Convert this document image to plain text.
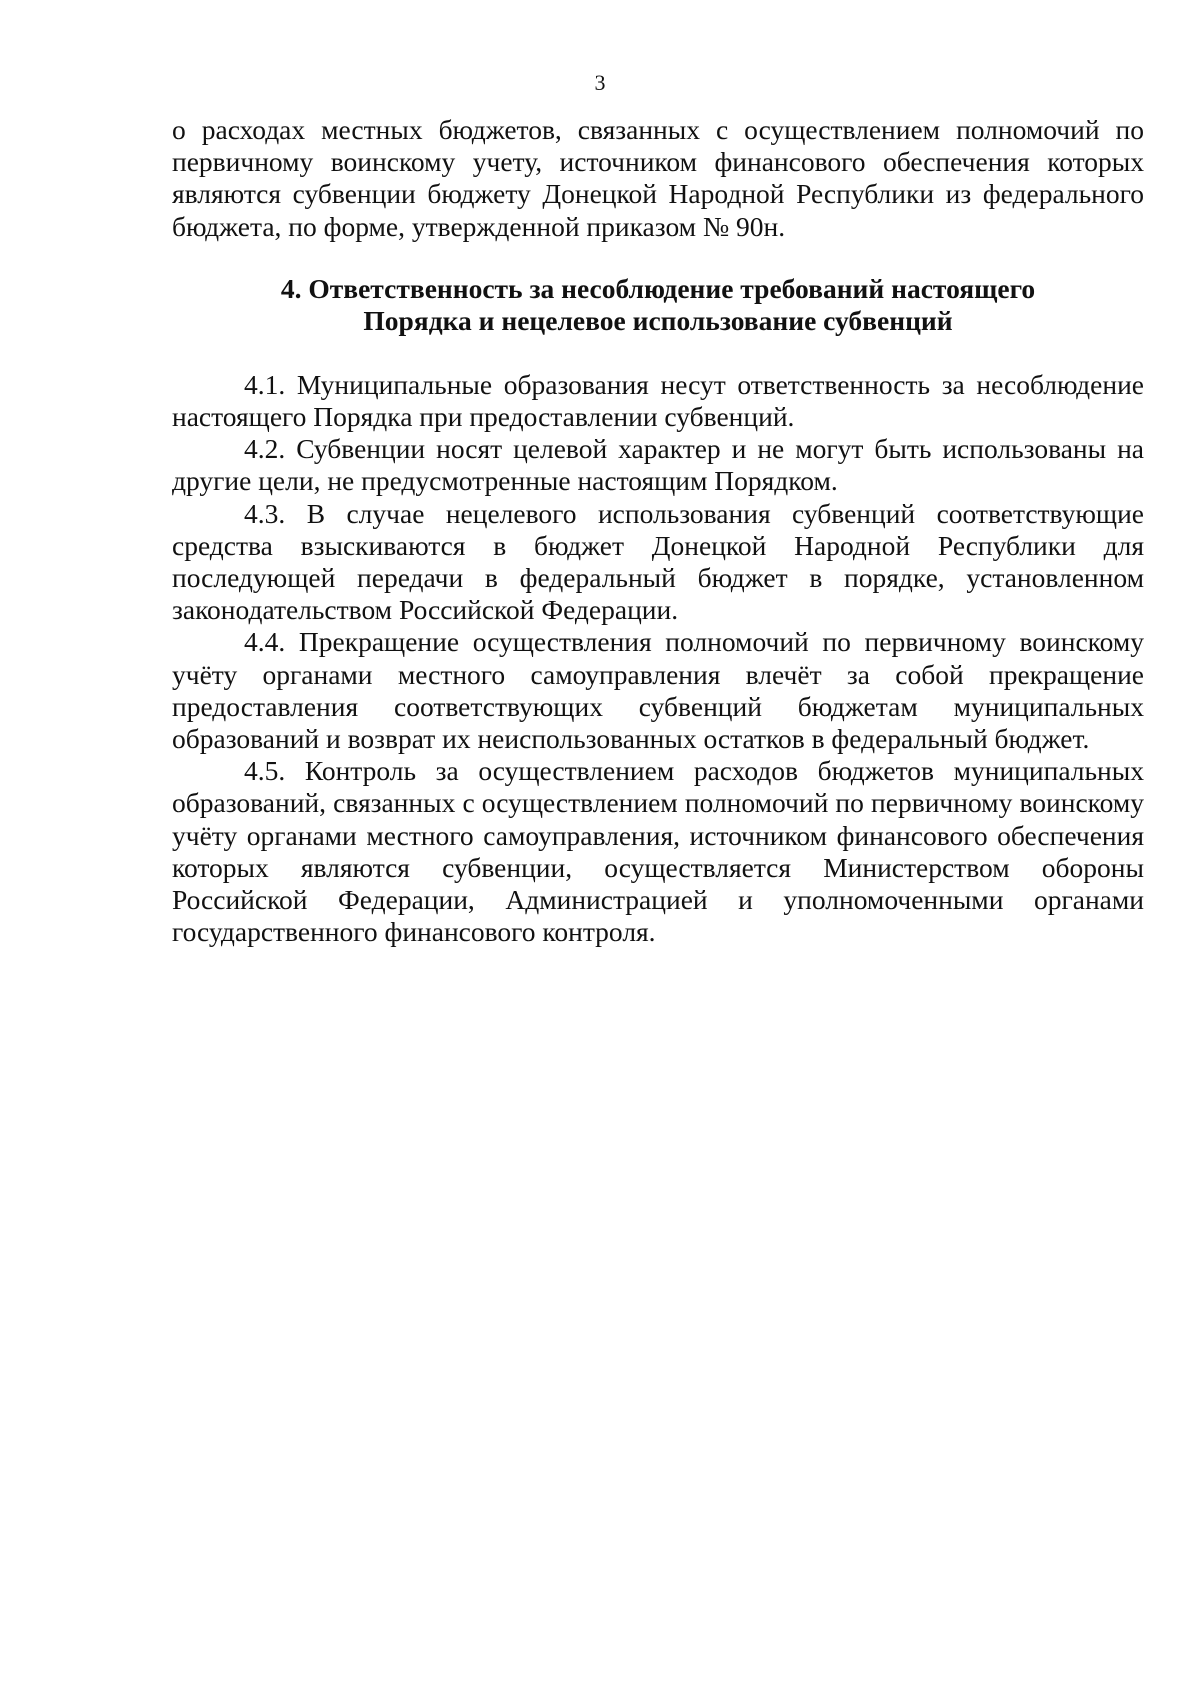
3

о расходах местных бюджетов, связанных с осуществлением полномочий по первичному воинскому учету, источником финансового обеспечения которых являются субвенции бюджету Донецкой Народной Республики из федерального бюджета, по форме, утвержденной приказом № 90н.

4. Ответственность за несоблюдение требований настоящего
Порядка и нецелевое использование субвенций

4.1. Муниципальные образования несут ответственность за несоблюдение настоящего Порядка при предоставлении субвенций.

4.2. Субвенции носят целевой характер и не могут быть использованы на другие цели, не предусмотренные настоящим Порядком.

4.3. В случае нецелевого использования субвенций соответствующие средства взыскиваются в бюджет Донецкой Народной Республики для последующей передачи в федеральный бюджет в порядке, установленном законодательством Российской Федерации.

4.4. Прекращение осуществления полномочий по первичному воинскому учёту органами местного самоуправления влечёт за собой прекращение предоставления соответствующих субвенций бюджетам муниципальных образований и возврат их неиспользованных остатков в федеральный бюджет.

4.5. Контроль за осуществлением расходов бюджетов муниципальных образований, связанных с осуществлением полномочий по первичному воинскому учёту органами местного самоуправления, источником финансового обеспечения которых являются субвенции, осуществляется Министерством обороны Российской Федерации, Администрацией и уполномоченными органами государственного финансового контроля.
